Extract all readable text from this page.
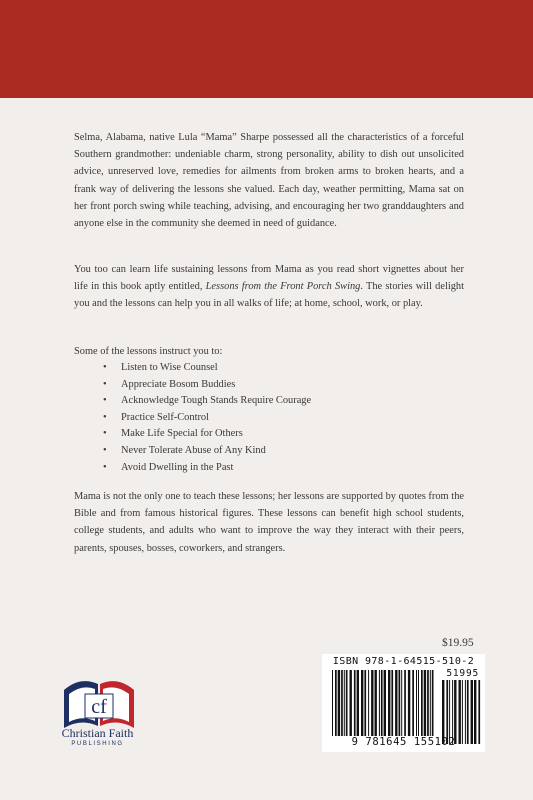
Selma, Alabama, native Lula “Mama” Sharpe possessed all the characteristics of a forceful Southern grandmother: undeniable charm, strong personality, ability to dish out unsolicited advice, unreserved love, remedies for ailments from broken arms to broken hearts, and a frank way of delivering the lessons she valued. Each day, weather permitting, Mama sat on her front porch swing while teaching, advising, and encouraging her two granddaughters and anyone else in the community she deemed in need of guidance.

You too can learn life sustaining lessons from Mama as you read short vignettes about her life in this book aptly entitled, Lessons from the Front Porch Swing. The stories will delight you and the lessons can help you in all walks of life; at home, school, work, or play.

Some of the lessons instruct you to:

• Listen to Wise Counsel
• Appreciate Bosom Buddies
• Acknowledge Tough Stands Require Courage
• Practice Self-Control
• Make Life Special for Others
• Never Tolerate Abuse of Any Kind
• Avoid Dwelling in the Past

Mama is not the only one to teach these lessons; her lessons are supported by quotes from the Bible and from famous historical figures. These lessons can benefit high school students, college students, and adults who want to improve the way they interact with their peers, parents, spouses, bosses, coworkers, and strangers.

$19.95
ISBN 978-1-64515-510-2
51995
9 781645 155102
cf
Christian Faith
PUBLISHING
